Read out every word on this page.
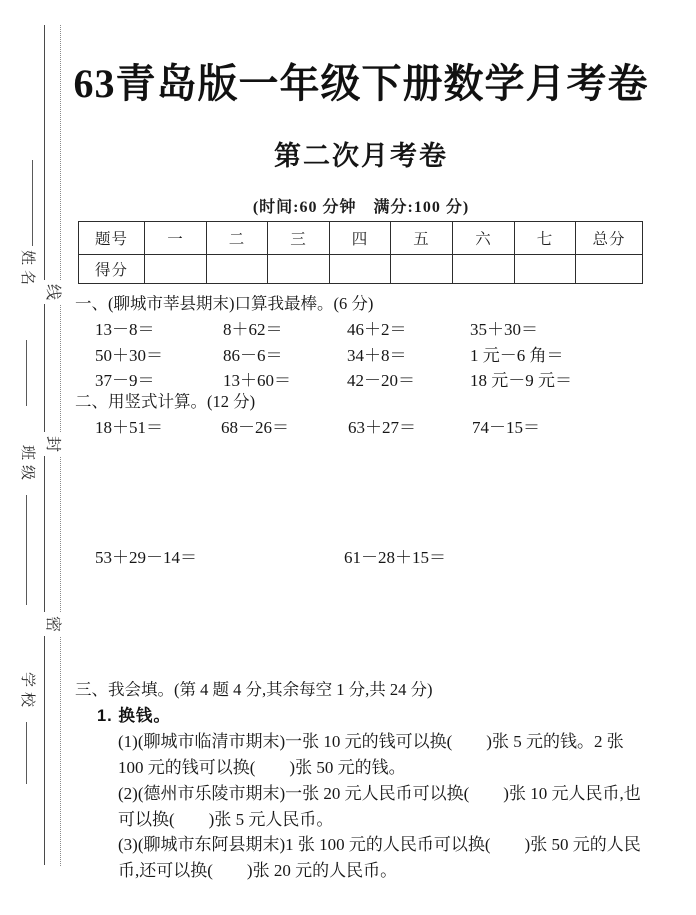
姓名
班级
学校
线
封
密
63青岛版一年级下册数学月考卷
第二次月考卷
(时间:60 分钟　满分:100 分)
题号	一	二	三	四	五	六	七	总分
得分								
一、(聊城市莘县期末)口算我最棒。(6 分)
13－8＝	8＋62＝	46＋2＝	35＋30＝
50＋30＝	86－6＝	34＋8＝	1 元－6 角＝
37－9＝	13＋60＝	42－20＝	18 元－9 元＝
二、用竖式计算。(12 分)
18＋51＝	68－26＝	63＋27＝	74－15＝
53＋29－14＝	61－28＋15＝
三、我会填。(第 4 题 4 分,其余每空 1 分,共 24 分)
1. 换钱。
(1)(聊城市临清市期末)一张 10 元的钱可以换(　　)张 5 元的钱。2 张
100 元的钱可以换(　　)张 50 元的钱。
(2)(德州市乐陵市期末)一张 20 元人民币可以换(　　)张 10 元人民币,也
可以换(　　)张 5 元人民币。
(3)(聊城市东阿县期末)1 张 100 元的人民币可以换(　　)张 50 元的人民
币,还可以换(　　)张 20 元的人民币。
